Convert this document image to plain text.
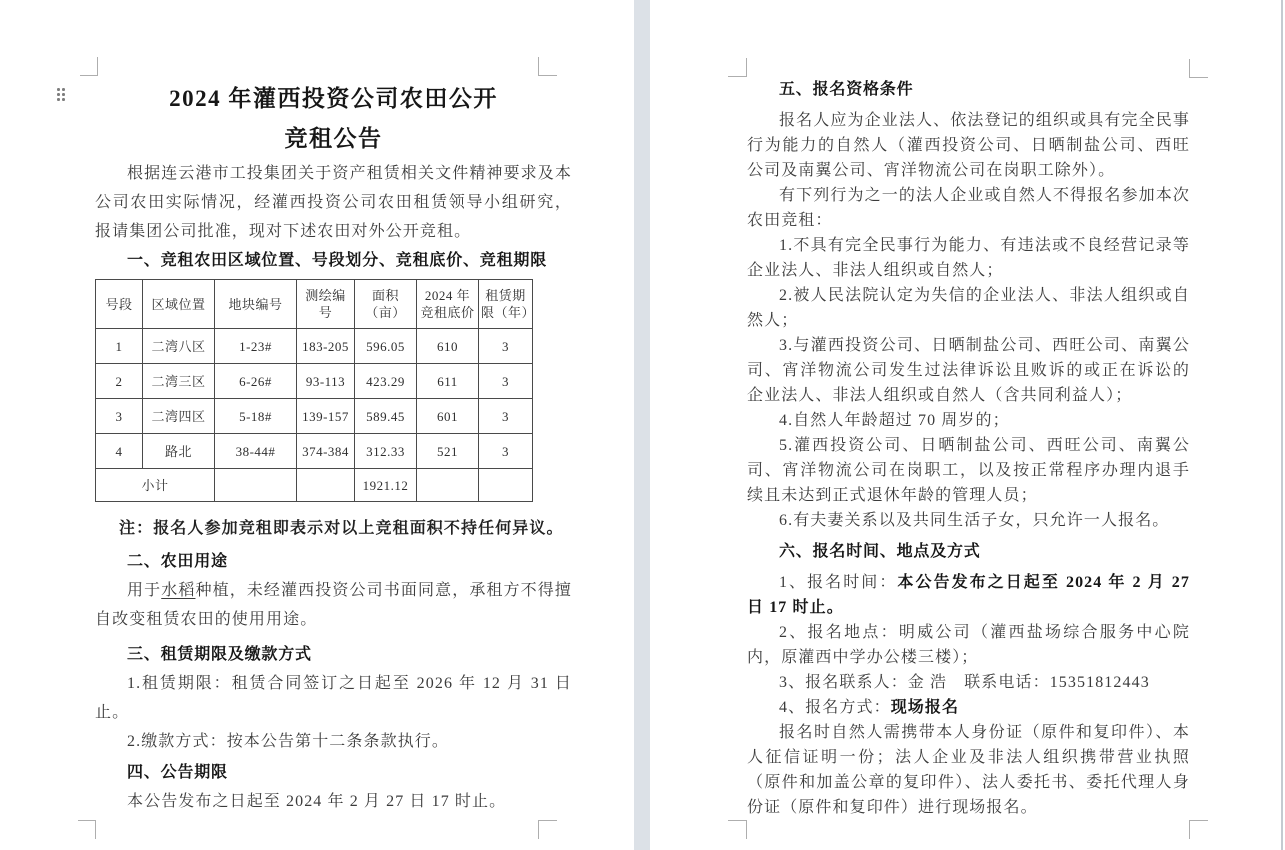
2024 年灌西投资公司农田公开
竞租公告

根据连云港市工投集团关于资产租赁相关文件精神要求及本公司农田实际情况，经灌西投资公司农田租赁领导小组研究，报请集团公司批准，现对下述农田对外公开竞租。

一、竞租农田区域位置、号段划分、竞租底价、竞租期限

号段	区域位置	地块编号	测绘编号	面积（亩）	2024 年竞租底价	租赁期限（年）
1	二湾八区	1-23#	183-205	596.05	610	3
2	二湾三区	6-26#	93-113	423.29	611	3
3	二湾四区	5-18#	139-157	589.45	601	3
4	路北	38-44#	374-384	312.33	521	3
小计				1921.12		

注：报名人参加竞租即表示对以上竞租面积不持任何异议。

二、农田用途

用于水稻种植，未经灌西投资公司书面同意，承租方不得擅自改变租赁农田的使用用途。

三、租赁期限及缴款方式

1.租赁期限：租赁合同签订之日起至 2026 年 12 月 31 日止。

2.缴款方式：按本公告第十二条条款执行。

四、公告期限

本公告发布之日起至 2024 年 2 月 27 日 17 时止。

五、报名资格条件

报名人应为企业法人、依法登记的组织或具有完全民事行为能力的自然人（灌西投资公司、日晒制盐公司、西旺公司及南翼公司、宵洋物流公司在岗职工除外）。

有下列行为之一的法人企业或自然人不得报名参加本次农田竞租：

1.不具有完全民事行为能力、有违法或不良经营记录等企业法人、非法人组织或自然人；

2.被人民法院认定为失信的企业法人、非法人组织或自然人；

3.与灌西投资公司、日晒制盐公司、西旺公司、南翼公司、宵洋物流公司发生过法律诉讼且败诉的或正在诉讼的企业法人、非法人组织或自然人（含共同利益人）；

4.自然人年龄超过 70 周岁的；

5.灌西投资公司、日晒制盐公司、西旺公司、南翼公司、宵洋物流公司在岗职工，以及按正常程序办理内退手续且未达到正式退休年龄的管理人员；

6.有夫妻关系以及共同生活子女，只允许一人报名。

六、报名时间、地点及方式

1、报名时间：本公告发布之日起至 2024 年 2 月 27 日 17 时止。

2、报名地点：明威公司（灌西盐场综合服务中心院内，原灌西中学办公楼三楼）；

3、报名联系人：金 浩　联系电话：15351812443

4、报名方式：现场报名

报名时自然人需携带本人身份证（原件和复印件）、本人征信证明一份；法人企业及非法人组织携带营业执照（原件和加盖公章的复印件）、法人委托书、委托代理人身份证（原件和复印件）进行现场报名。
